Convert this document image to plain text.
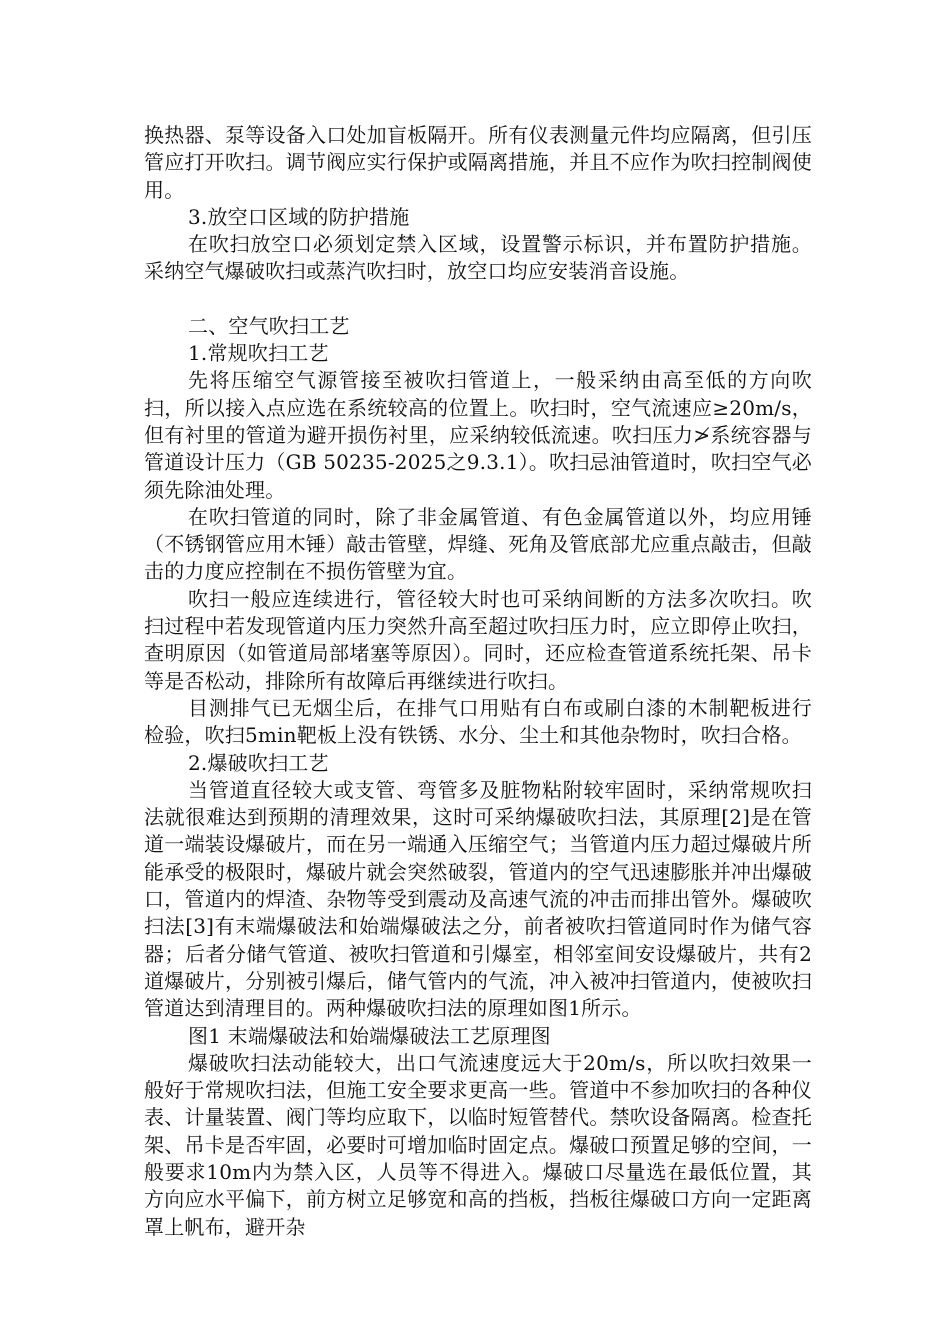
换热器、泵等设备入口处加盲板隔开。所有仪表测量元件均应隔离，但引压管应打开吹扫。调节阀应实行保护或隔离措施，并且不应作为吹扫控制阀使用。

3.放空口区域的防护措施

在吹扫放空口必须划定禁入区域，设置警示标识，并布置防护措施。采纳空气爆破吹扫或蒸汽吹扫时，放空口均应安装消音设施。

二、空气吹扫工艺

1.常规吹扫工艺

先将压缩空气源管接至被吹扫管道上，一般采纳由高至低的方向吹扫，所以接入点应选在系统较高的位置上。吹扫时，空气流速应≥20m/s，但有衬里的管道为避开损伤衬里，应采纳较低流速。吹扫压力≯系统容器与管道设计压力（GB 50235-2025之9.3.1）。吹扫忌油管道时，吹扫空气必须先除油处理。

在吹扫管道的同时，除了非金属管道、有色金属管道以外，均应用锤（不锈钢管应用木锤）敲击管壁，焊缝、死角及管底部尤应重点敲击，但敲击的力度应控制在不损伤管壁为宜。

吹扫一般应连续进行，管径较大时也可采纳间断的方法多次吹扫。吹扫过程中若发现管道内压力突然升高至超过吹扫压力时，应立即停止吹扫，查明原因（如管道局部堵塞等原因）。同时，还应检查管道系统托架、吊卡等是否松动，排除所有故障后再继续进行吹扫。

目测排气已无烟尘后，在排气口用贴有白布或刷白漆的木制靶板进行检验，吹扫5min靶板上没有铁锈、水分、尘土和其他杂物时，吹扫合格。

2.爆破吹扫工艺

当管道直径较大或支管、弯管多及脏物粘附较牢固时，采纳常规吹扫法就很难达到预期的清理效果，这时可采纳爆破吹扫法，其原理[2]是在管道一端装设爆破片，而在另一端通入压缩空气；当管道内压力超过爆破片所能承受的极限时，爆破片就会突然破裂，管道内的空气迅速膨胀并冲出爆破口，管道内的焊渣、杂物等受到震动及高速气流的冲击而排出管外。爆破吹扫法[3]有末端爆破法和始端爆破法之分，前者被吹扫管道同时作为储气容器；后者分储气管道、被吹扫管道和引爆室，相邻室间安设爆破片，共有2道爆破片，分别被引爆后，储气管内的气流，冲入被冲扫管道内，使被吹扫管道达到清理目的。两种爆破吹扫法的原理如图1所示。

图1 末端爆破法和始端爆破法工艺原理图

爆破吹扫法动能较大，出口气流速度远大于20m/s，所以吹扫效果一般好于常规吹扫法，但施工安全要求更高一些。管道中不参加吹扫的各种仪表、计量装置、阀门等均应取下，以临时短管替代。禁吹设备隔离。检查托架、吊卡是否牢固，必要时可增加临时固定点。爆破口预置足够的空间，一般要求10m内为禁入区，人员等不得进入。爆破口尽量选在最低位置，其方向应水平偏下，前方树立足够宽和高的挡板，挡板往爆破口方向一定距离罩上帆布，避开杂
